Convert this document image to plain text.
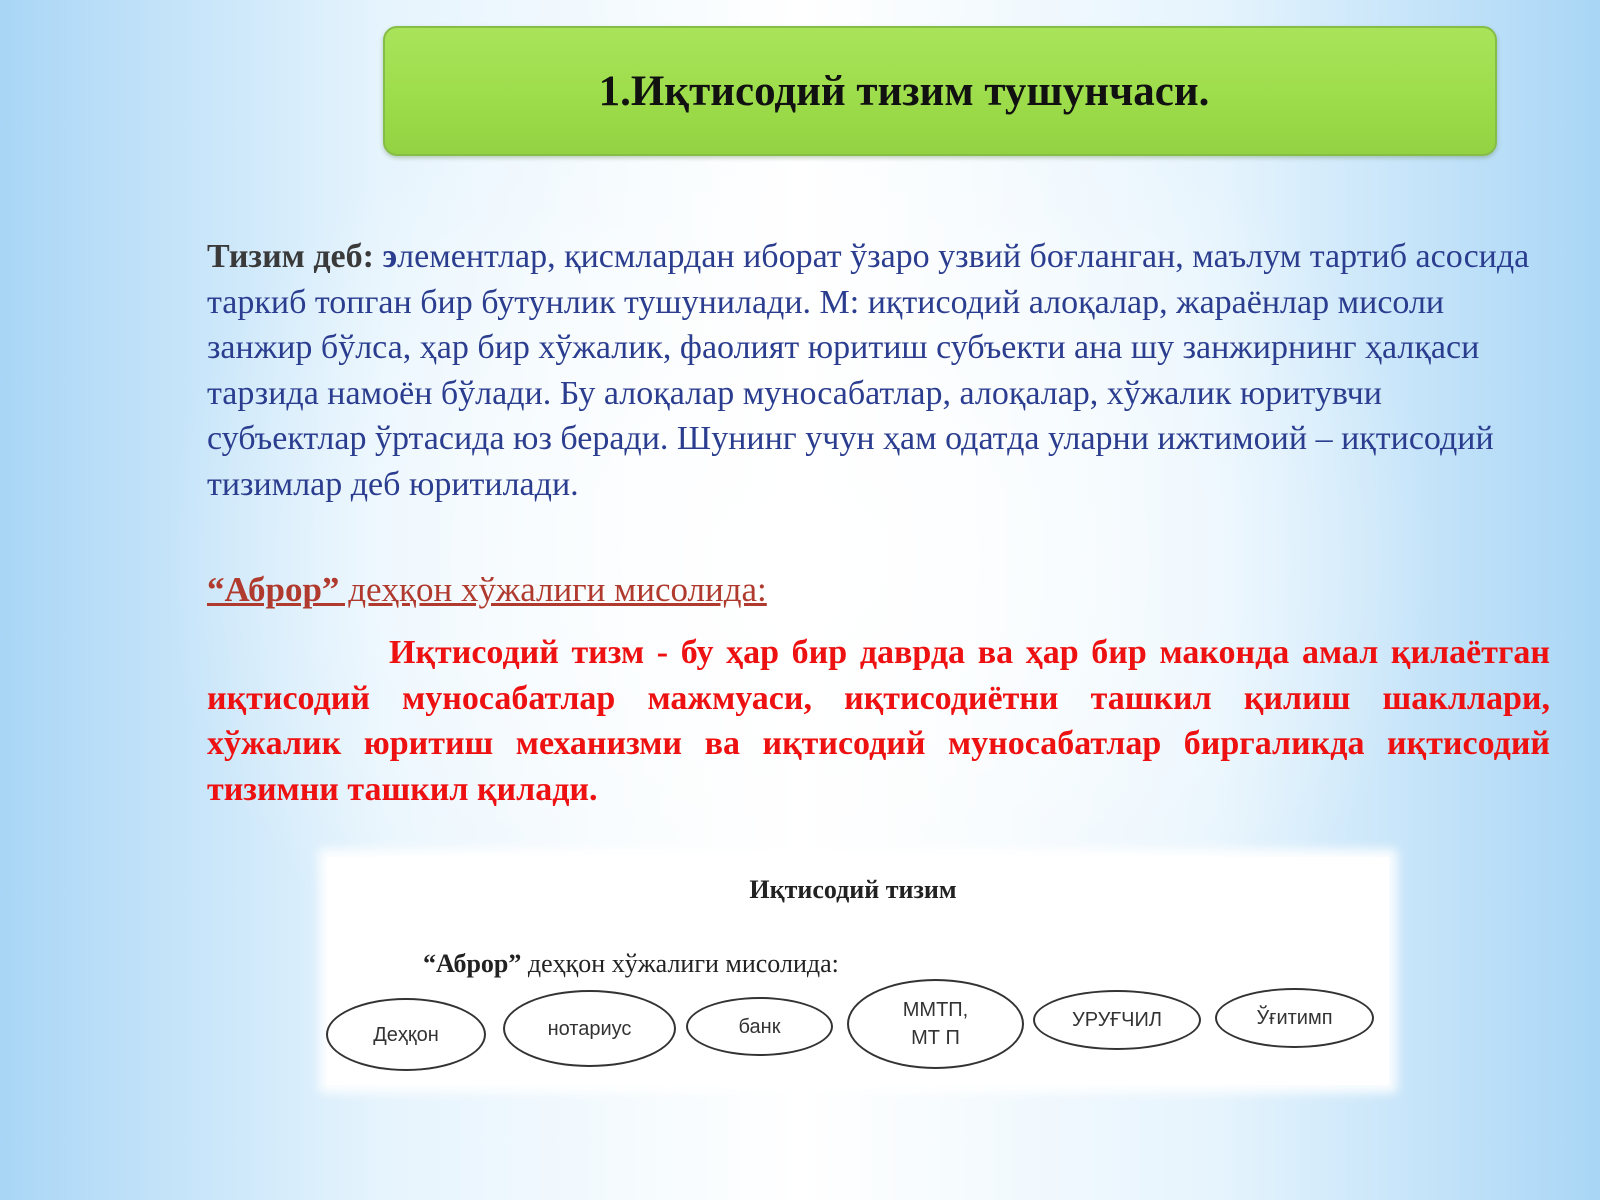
1.Иқтисодий тизим тушунчаси.

Тизим деб: элементлар, қисмлардан иборат ўзаро узвий боғланган, маълум тартиб асосида таркиб топган бир бутунлик тушунилади. М: иқтисодий алоқалар, жараёнлар мисоли занжир бўлса, ҳар бир хўжалик, фаолият юритиш субъекти ана шу занжирнинг ҳалқаси тарзида намоён бўлади. Бу алоқалар муносабатлар, алоқалар, хўжалик юритувчи субъектлар ўртасида юз беради. Шунинг учун ҳам одатда уларни ижтимоий – иқтисодий тизимлар деб юритилади.

“Аброр” деҳқон хўжалиги мисолида:

Иқтисодий тизм - бу ҳар бир даврда ва ҳар бир маконда амал қилаётган иқтисодий муносабатлар мажмуаси, иқтисодиётни ташкил қилиш шакллари, хўжалик юритиш механизми ва иқтисодий муносабатлар биргаликда иқтисодий тизимни ташкил қилади.

Иқтисодий тизим
“Аброр” деҳқон хўжалиги мисолида:
Деҳқон	нотариус	банк
ММТП,
МТ П
УРУҒЧИЛ	Ўғитимп
